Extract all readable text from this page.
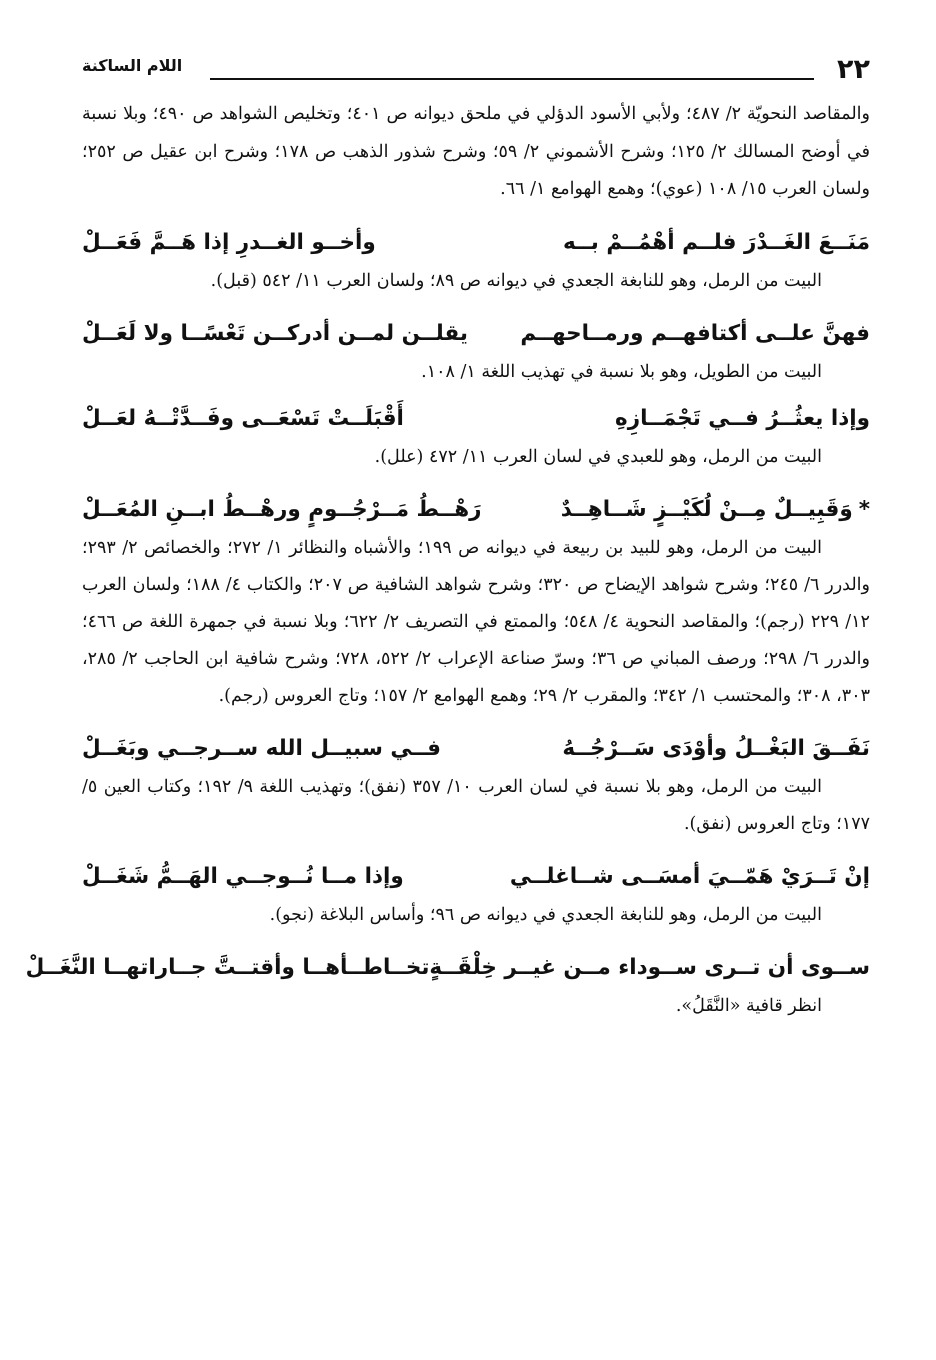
٢٢
اللام الساكنة

والمقاصد النحويّة ٢/ ٤٨٧؛ ولأبي الأسود الدؤلي في ملحق ديوانه ص ٤٠١؛ وتخليص الشواهد ص ٤٩٠؛ وبلا نسبة في أوضح المسالك ٢/ ١٢٥؛ وشرح الأشموني ٢/ ٥٩؛ وشرح شذور الذهب ص ١٧٨؛ وشرح ابن عقيل ص ٢٥٢؛ ولسان العرب ١٥/ ١٠٨ (عوي)؛ وهمع الهوامع ١/ ٦٦.

مَنَــعَ الغَــدْرَ فلــم أهْمُــمْ بــه
وأخــو الغــدرِ إذا هَــمَّ فَعَــلْ

البيت من الرمل، وهو للنابغة الجعدي في ديوانه ص ٨٩؛ ولسان العرب ١١/ ٥٤٢ (قبل).

فهنَّ علــى أكتافهــم ورمــاحهــم
يقلــن لمــن أدركــن تَعْسًــا ولا لَعَــلْ

البيت من الطويل، وهو بلا نسبة في تهذيب اللغة ١/ ١٠٨.

وإذا يعثُــرُ فــي تَجْمَــازِهِ
أَقْبَلَــتْ تَسْعَــى وفَــدَّتْــهُ لعَــلْ

البيت من الرمل، وهو للعبدي في لسان العرب ١١/ ٤٧٢ (علل).

*وَقَبِيــلٌ مِــنْ لُكَيْــزٍ شَــاهِــدٌ
رَهْــطُ مَــرْجُــومٍ ورهْــطُ ابــنِ المُعَــلْ

البيت من الرمل، وهو للبيد بن ربيعة في ديوانه ص ١٩٩؛ والأشباه والنظائر ١/ ٢٧٢؛ والخصائص ٢/ ٢٩٣؛ والدرر ٦/ ٢٤٥؛ وشرح شواهد الإيضاح ص ٣٢٠؛ وشرح شواهد الشافية ص ٢٠٧؛ والكتاب ٤/ ١٨٨؛ ولسان العرب ١٢/ ٢٢٩ (رجم)؛ والمقاصد النحوية ٤/ ٥٤٨؛ والممتع في التصريف ٢/ ٦٢٢؛ وبلا نسبة في جمهرة اللغة ص ٤٦٦؛ والدرر ٦/ ٢٩٨؛ ورصف المباني ص ٣٦؛ وسرّ صناعة الإعراب ٢/ ٥٢٢، ٧٢٨؛ وشرح شافية ابن الحاجب ٢/ ٢٨٥، ٣٠٣، ٣٠٨؛ والمحتسب ١/ ٣٤٢؛ والمقرب ٢/ ٢٩؛ وهمع الهوامع ٢/ ١٥٧؛ وتاج العروس (رجم).

نَفَــقَ البَغْــلُ وأوْدَى سَــرْجُــهُ
فــي سبيــل الله ســرجــي وبَغَــلْ

البيت من الرمل، وهو بلا نسبة في لسان العرب ١٠/ ٣٥٧ (نفق)؛ وتهذيب اللغة ٩/ ١٩٢؛ وكتاب العين ٥/ ١٧٧؛ وتاج العروس (نفق).

إنْ تَــرَيْ هَمّــيَ أمسَــى شــاغلــي
وإذا مــا نُــوجــي الهَــمُّ شَغَــلْ

البيت من الرمل، وهو للنابغة الجعدي في ديوانه ص ٩٦؛ وأساس البلاغة (نجو).

ســوى أن تــرى ســوداء مــن غيــر خِلْقَــةٍ
تخــاطــأهــا وأقتــتَّ جــاراتهــا النَّغَــلْ

انظر قافية «النَّقَلُ».
